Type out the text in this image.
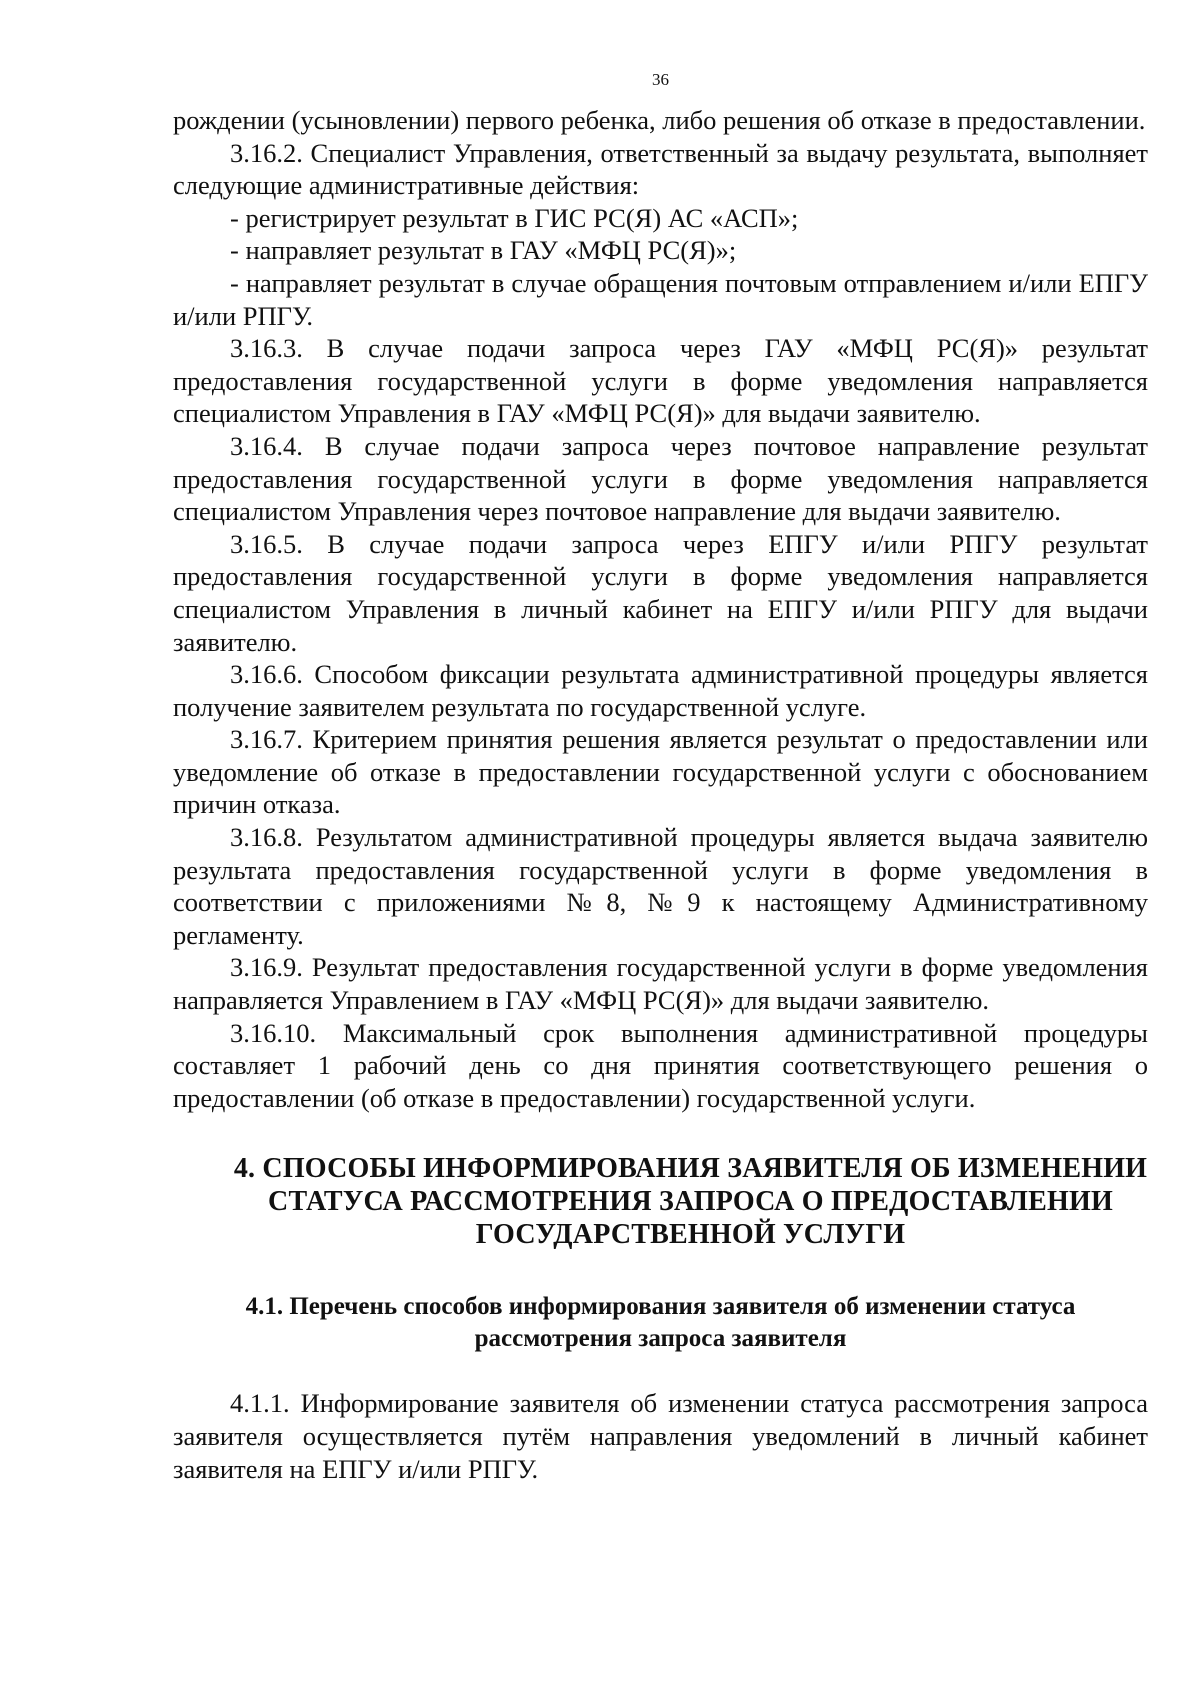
36

рождении (усыновлении) первого ребенка, либо решения об отказе в предоставлении.

3.16.2. Специалист Управления, ответственный за выдачу результата, выполняет следующие административные действия:

- регистрирует результат в ГИС РС(Я) АС «АСП»;

- направляет результат в ГАУ «МФЦ РС(Я)»;

- направляет результат в случае обращения почтовым отправлением и/или ЕПГУ и/или РПГУ.

3.16.3. В случае подачи запроса через ГАУ «МФЦ РС(Я)» результат предоставления государственной услуги в форме уведомления направляется специалистом Управления в ГАУ «МФЦ РС(Я)» для выдачи заявителю.

3.16.4. В случае подачи запроса через почтовое направление результат предоставления государственной услуги в форме уведомления направляется специалистом Управления через почтовое направление для выдачи заявителю.

3.16.5. В случае подачи запроса через ЕПГУ и/или РПГУ результат предоставления государственной услуги в форме уведомления направляется специалистом Управления в личный кабинет на ЕПГУ и/или РПГУ для выдачи заявителю.

3.16.6. Способом фиксации результата административной процедуры является получение заявителем результата по государственной услуге.

3.16.7. Критерием принятия решения является результат о предоставлении или уведомление об отказе в предоставлении государственной услуги с обоснованием причин отказа.

3.16.8. Результатом административной процедуры является выдача заявителю результата предоставления государственной услуги в форме уведомления в соответствии с приложениями №8, №9 к настоящему Административному регламенту.

3.16.9. Результат предоставления государственной услуги в форме уведомления направляется Управлением в ГАУ «МФЦ РС(Я)» для выдачи заявителю.

3.16.10. Максимальный срок выполнения административной процедуры составляет 1 рабочий день со дня принятия соответствующего решения о предоставлении (об отказе в предоставлении) государственной услуги.

4. СПОСОБЫ ИНФОРМИРОВАНИЯ ЗАЯВИТЕЛЯ ОБ ИЗМЕНЕНИИ
СТАТУСА РАССМОТРЕНИЯ ЗАПРОСА О ПРЕДОСТАВЛЕНИИ
ГОСУДАРСТВЕННОЙ УСЛУГИ
4.1. Перечень способов информирования заявителя об изменении статуса
рассмотрения запроса заявителя

4.1.1. Информирование заявителя об изменении статуса рассмотрения запроса заявителя осуществляется путём направления уведомлений в личный кабинет заявителя на ЕПГУ и/или РПГУ.
